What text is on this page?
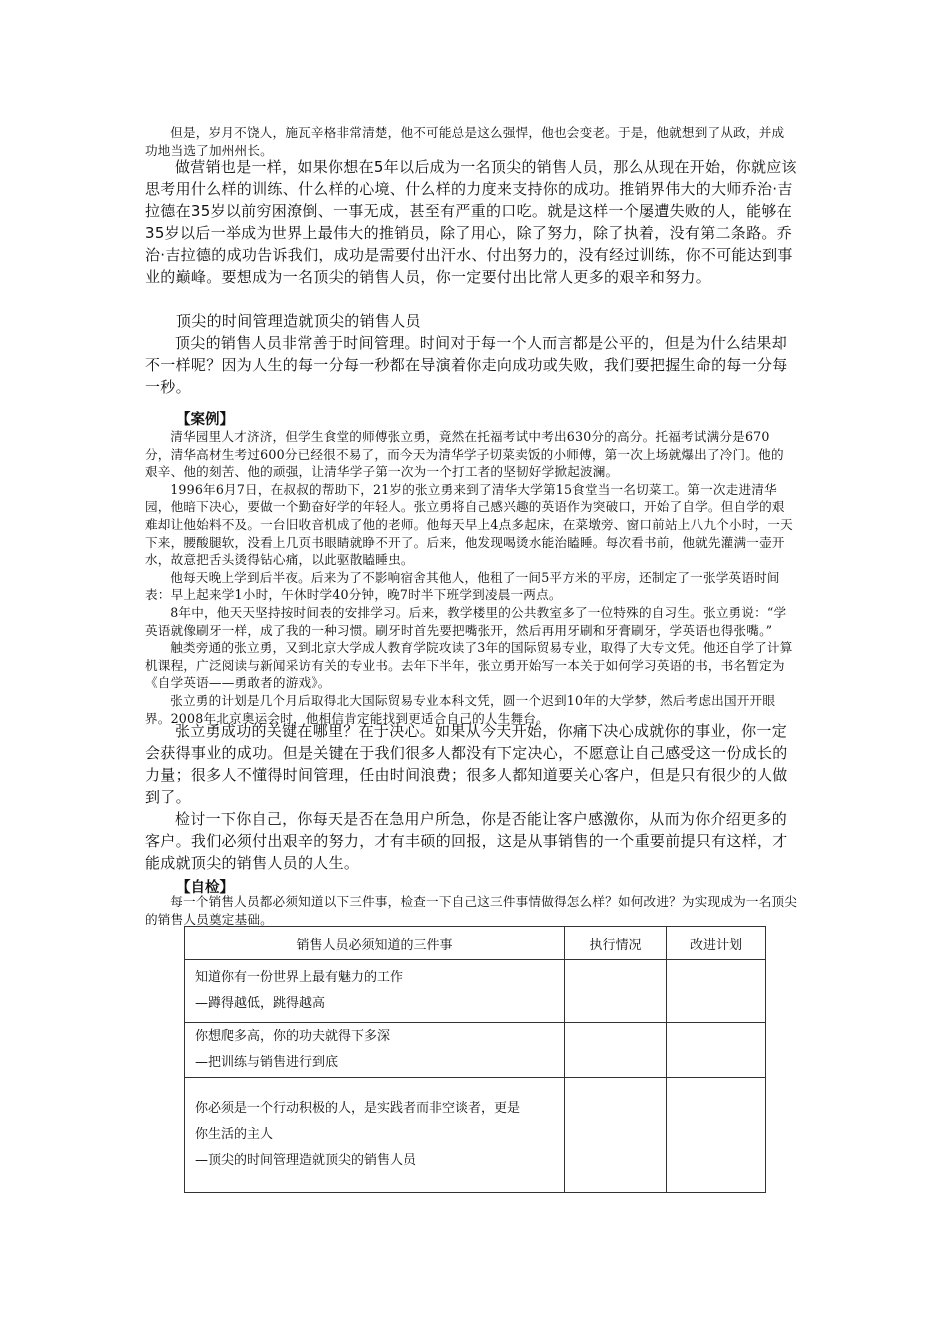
但是，岁月不饶人，施瓦辛格非常清楚，他不可能总是这么强悍，他也会变老。于是，他就想到了从政，并成功地当选了加州州长。

做营销也是一样，如果你想在5年以后成为一名顶尖的销售人员，那么从现在开始，你就应该思考用什么样的训练、什么样的心境、什么样的力度来支持你的成功。推销界伟大的大师乔治·吉拉德在35岁以前穷困潦倒、一事无成，甚至有严重的口吃。就是这样一个屡遭失败的人，能够在35岁以后一举成为世界上最伟大的推销员，除了用心，除了努力，除了执着，没有第二条路。乔治·吉拉德的成功告诉我们，成功是需要付出汗水、付出努力的，没有经过训练，你不可能达到事业的巅峰。要想成为一名顶尖的销售人员，你一定要付出比常人更多的艰辛和努力。

顶尖的时间管理造就顶尖的销售人员

顶尖的销售人员非常善于时间管理。时间对于每一个人而言都是公平的，但是为什么结果却不一样呢？因为人生的每一分每一秒都在导演着你走向成功或失败，我们要把握生命的每一分每一秒。

【案例】

清华园里人才济济，但学生食堂的师傅张立勇，竟然在托福考试中考出630分的高分。托福考试满分是670分，清华高材生考过600分已经很不易了，而今天为清华学子切菜卖饭的小师傅，第一次上场就爆出了冷门。他的艰辛、他的刻苦、他的顽强，让清华学子第一次为一个打工者的坚韧好学掀起波澜。

1996年6月7日，在叔叔的帮助下，21岁的张立勇来到了清华大学第15食堂当一名切菜工。第一次走进清华园，他暗下决心，要做一个勤奋好学的年轻人。张立勇将自己感兴趣的英语作为突破口，开始了自学。但自学的艰难却让他始料不及。一台旧收音机成了他的老师。他每天早上4点多起床，在菜墩旁、窗口前站上八九个小时，一天下来，腰酸腿软，没看上几页书眼睛就睁不开了。后来，他发现喝烫水能治瞌睡。每次看书前，他就先灌满一壶开水，故意把舌头烫得钻心痛，以此驱散瞌睡虫。

他每天晚上学到后半夜。后来为了不影响宿舍其他人，他租了一间5平方米的平房，还制定了一张学英语时间表：早上起来学1小时，午休时学40分钟，晚7时半下班学到凌晨一两点。

8年中，他天天坚持按时间表的安排学习。后来，教学楼里的公共教室多了一位特殊的自习生。张立勇说：“学英语就像刷牙一样，成了我的一种习惯。刷牙时首先要把嘴张开，然后再用牙刷和牙膏刷牙，学英语也得张嘴。”

触类旁通的张立勇，又到北京大学成人教育学院攻读了3年的国际贸易专业，取得了大专文凭。他还自学了计算机课程，广泛阅读与新闻采访有关的专业书。去年下半年，张立勇开始写一本关于如何学习英语的书，书名暂定为《自学英语——勇敢者的游戏》。

张立勇的计划是几个月后取得北大国际贸易专业本科文凭，圆一个迟到10年的大学梦，然后考虑出国开开眼界。2008年北京奥运会时，他相信肯定能找到更适合自己的人生舞台。

张立勇成功的关键在哪里？在于决心。如果从今天开始，你痛下决心成就你的事业，你一定会获得事业的成功。但是关键在于我们很多人都没有下定决心，不愿意让自己感受这一份成长的力量；很多人不懂得时间管理，任由时间浪费；很多人都知道要关心客户，但是只有很少的人做到了。

检讨一下你自己，你每天是否在急用户所急，你是否能让客户感激你，从而为你介绍更多的客户。我们必须付出艰辛的努力，才有丰硕的回报，这是从事销售的一个重要前提只有这样，才能成就顶尖的销售人员的人生。

【自检】

每一个销售人员都必须知道以下三件事，检查一下自己这三件事情做得怎么样？如何改进？为实现成为一名顶尖的销售人员奠定基础。

销售人员必须知道的三件事	执行情况	改进计划

知道你有一份世界上最有魅力的工作
—蹲得越低，跳得越高		

你想爬多高，你的功夫就得下多深
—把训练与销售进行到底		

你必须是一个行动积极的人，是实践者而非空谈者，更是
你生活的主人
—顶尖的时间管理造就顶尖的销售人员		
